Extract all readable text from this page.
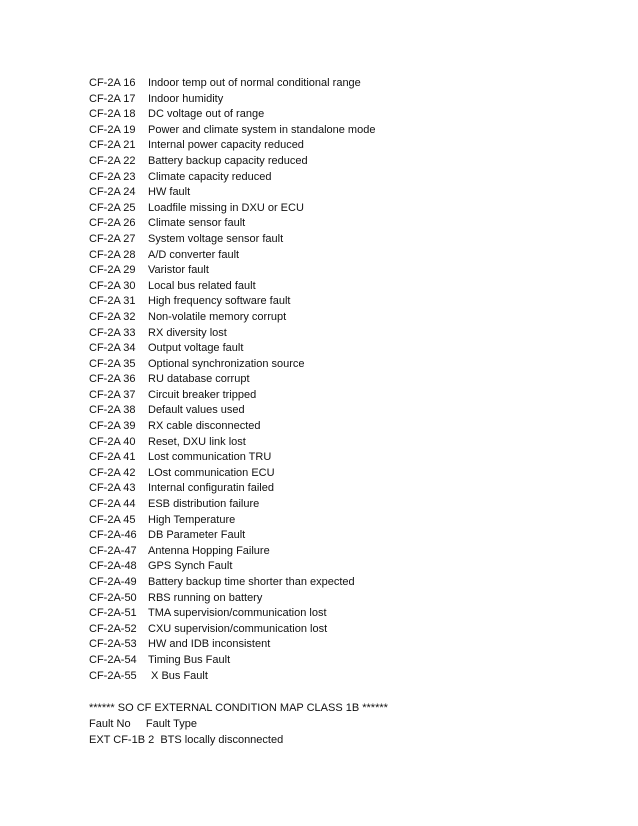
CF-2A 16 Indoor temp out of normal conditional range
CF-2A 17 Indoor humidity
CF-2A 18 DC voltage out of range
CF-2A 19 Power and climate system in standalone mode
CF-2A 21 Internal power capacity reduced
CF-2A 22 Battery backup capacity reduced
CF-2A 23 Climate capacity reduced
CF-2A 24 HW fault
CF-2A 25 Loadfile missing in DXU or ECU
CF-2A 26 Climate sensor fault
CF-2A 27 System voltage sensor fault
CF-2A 28 A/D converter fault
CF-2A 29 Varistor fault
CF-2A 30 Local bus related fault
CF-2A 31 High frequency software fault
CF-2A 32 Non-volatile memory corrupt
CF-2A 33 RX diversity lost
CF-2A 34 Output voltage fault
CF-2A 35 Optional synchronization source
CF-2A 36 RU database corrupt
CF-2A 37 Circuit breaker tripped
CF-2A 38 Default values used
CF-2A 39 RX cable disconnected
CF-2A 40 Reset, DXU link lost
CF-2A 41 Lost communication TRU
CF-2A 42 LOst communication ECU
CF-2A 43 Internal configuratin failed
CF-2A 44 ESB distribution failure
CF-2A 45 High Temperature
CF-2A-46 DB Parameter Fault
CF-2A-47 Antenna Hopping Failure
CF-2A-48 GPS Synch Fault
CF-2A-49 Battery backup time shorter than expected
CF-2A-50 RBS running on battery
CF-2A-51 TMA supervision/communication lost
CF-2A-52 CXU supervision/communication lost
CF-2A-53 HW and IDB inconsistent
CF-2A-54 Timing Bus Fault
CF-2A-55 X Bus Fault
****** SO CF EXTERNAL CONDITION MAP CLASS 1B ******
Fault No     Fault Type
EXT CF-1B 2  BTS locally disconnected
